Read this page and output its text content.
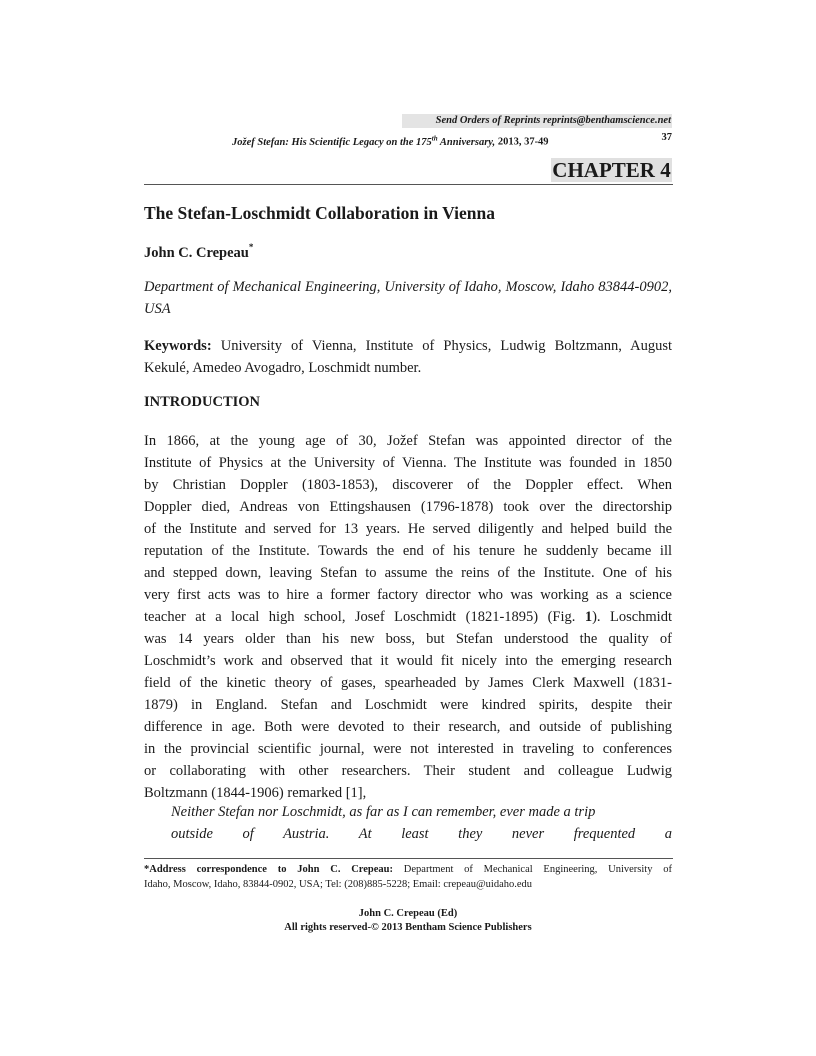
Send Orders of Reprints reprints@benthamscience.net
Jožef Stefan: His Scientific Legacy on the 175th Anniversary, 2013, 37-49	37
CHAPTER 4
The Stefan-Loschmidt Collaboration in Vienna
John C. Crepeau*
Department of Mechanical Engineering, University of Idaho, Moscow, Idaho 83844-0902, USA
Keywords: University of Vienna, Institute of Physics, Ludwig Boltzmann, August Kekulé, Amedeo Avogadro, Loschmidt number.
INTRODUCTION
In 1866, at the young age of 30, Jožef Stefan was appointed director of the
Institute of Physics at the University of Vienna. The Institute was founded in 1850
by Christian Doppler (1803-1853), discoverer of the Doppler effect. When
Doppler died, Andreas von Ettingshausen (1796-1878) took over the directorship
of the Institute and served for 13 years. He served diligently and helped build the
reputation of the Institute. Towards the end of his tenure he suddenly became ill
and stepped down, leaving Stefan to assume the reins of the Institute. One of his
very first acts was to hire a former factory director who was working as a science
teacher at a local high school, Josef Loschmidt (1821-1895) (Fig. 1). Loschmidt
was 14 years older than his new boss, but Stefan understood the quality of
Loschmidt’s work and observed that it would fit nicely into the emerging research
field of the kinetic theory of gases, spearheaded by James Clerk Maxwell (1831-
1879) in England. Stefan and Loschmidt were kindred spirits, despite their
difference in age. Both were devoted to their research, and outside of publishing
in the provincial scientific journal, were not interested in traveling to conferences
or collaborating with other researchers. Their student and colleague Ludwig
Boltzmann (1844-1906) remarked [1],
Neither Stefan nor Loschmidt, as far as I can remember, ever made a trip
outside of Austria. At least they never frequented a
*Address correspondence to John C. Crepeau: Department of Mechanical Engineering, University of
Idaho, Moscow, Idaho, 83844-0902, USA; Tel: (208)885-5228; Email: crepeau@uidaho.edu
John C. Crepeau (Ed)
All rights reserved-© 2013 Bentham Science Publishers
